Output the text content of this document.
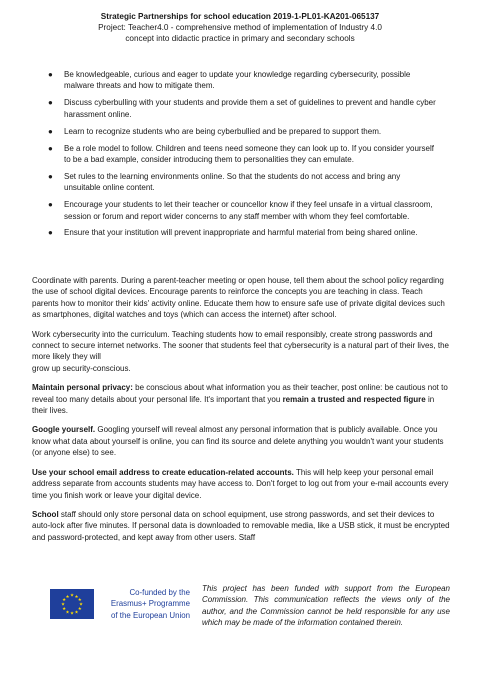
Strategic Partnerships for school education 2019-1-PL01-KA201-065137
Project: Teacher4.0 - comprehensive method of implementation of Industry 4.0
concept into didactic practice in primary and secondary schools
● Be knowledgeable, curious and eager to update your knowledge regarding cybersecurity, possible malware threats and how to mitigate them.
● Discuss cyberbulling with your students and provide them a set of guidelines to prevent and handle cyber harassment online.
● Learn to recognize students who are being cyberbullied and be prepared to support them.
● Be a role model to follow. Children and teens need someone they can look up to. If you consider yourself to be a bad example, consider introducing them to personalities they can emulate.
● Set rules to the learning environments online. So that the students do not access and bring any unsuitable online content.
● Encourage your students to let their teacher or councellor know if they feel unsafe in a virtual classroom, session or forum and report wider concerns to any staff member with whom they feel comfortable.
● Ensure that your institution will prevent inappropriate and harmful material from being shared online.

Coordinate with parents. During a parent-teacher meeting or open house, tell them about the school policy regarding the use of school digital devices. Encourage parents to reinforce the concepts you are teaching in class. Teach parents how to monitor their kids' activity online. Educate them how to ensure safe use of private digital devices such as smartphones, digital watches and toys (which can access the internet) after school.

Work cybersecurity into the curriculum. Teaching students how to email responsibly, create strong passwords and connect to secure internet networks. The sooner that students feel that cybersecurity is a natural part of their lives, the more likely they will
grow up security-conscious.

Maintain personal privacy: be conscious about what information you as their teacher, post online: be cautious not to reveal too many details about your personal life. It's important that you remain a trusted and respected figure in their lives.

Google yourself. Googling yourself will reveal almost any personal information that is publicly available. Once you know what data about yourself is online, you can find its source and delete anything you wouldn't want your students (or anyone else) to see.

Use your school email address to create education-related accounts. This will help keep your personal email address separate from accounts students may have access to. Don't forget to log out from your e-mail accounts every time you finish work or leave your digital device.

School staff should only store personal data on school equipment, use strong passwords, and set their devices to auto-lock after five minutes. If personal data is downloaded to removable media, like a USB stick, it must be encrypted and password-protected, and kept away from other users. Staff

★ ★
★
★
★
★
★
★
★
★
★
★	Co-funded by the
Erasmus+ Programme
of the European Union
This project has been funded with support from the European Commission. This communication reflects the views only of the author, and the Commission cannot be held responsible for any use which may be made of the information contained therein.
